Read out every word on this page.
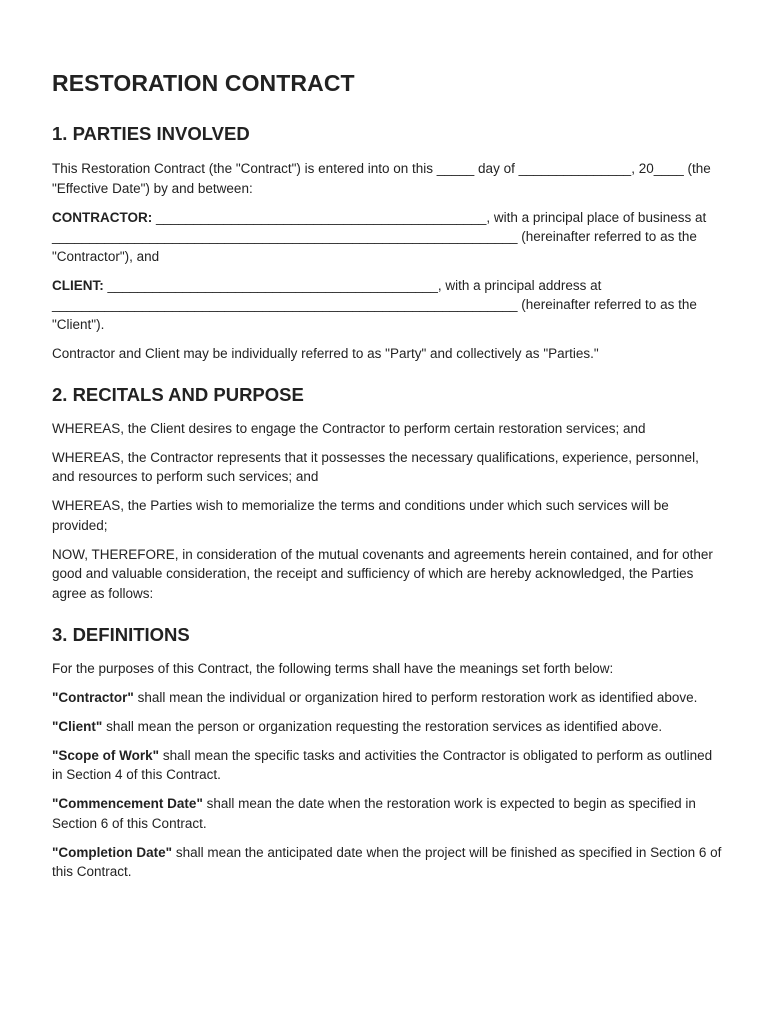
RESTORATION CONTRACT
1. PARTIES INVOLVED

This Restoration Contract (the "Contract") is entered into on this _____ day of _______________, 20____ (the "Effective Date") by and between:

CONTRACTOR: ____________________________________________, with a principal place of business at ______________________________________________________________ (hereinafter referred to as the "Contractor"), and

CLIENT: ____________________________________________, with a principal address at ______________________________________________________________ (hereinafter referred to as the "Client").

Contractor and Client may be individually referred to as "Party" and collectively as "Parties."

2. RECITALS AND PURPOSE

WHEREAS, the Client desires to engage the Contractor to perform certain restoration services; and

WHEREAS, the Contractor represents that it possesses the necessary qualifications, experience, personnel, and resources to perform such services; and

WHEREAS, the Parties wish to memorialize the terms and conditions under which such services will be provided;

NOW, THEREFORE, in consideration of the mutual covenants and agreements herein contained, and for other good and valuable consideration, the receipt and sufficiency of which are hereby acknowledged, the Parties agree as follows:

3. DEFINITIONS

For the purposes of this Contract, the following terms shall have the meanings set forth below:

"Contractor" shall mean the individual or organization hired to perform restoration work as identified above.

"Client" shall mean the person or organization requesting the restoration services as identified above.

"Scope of Work" shall mean the specific tasks and activities the Contractor is obligated to perform as outlined in Section 4 of this Contract.

"Commencement Date" shall mean the date when the restoration work is expected to begin as specified in Section 6 of this Contract.

"Completion Date" shall mean the anticipated date when the project will be finished as specified in Section 6 of this Contract.
